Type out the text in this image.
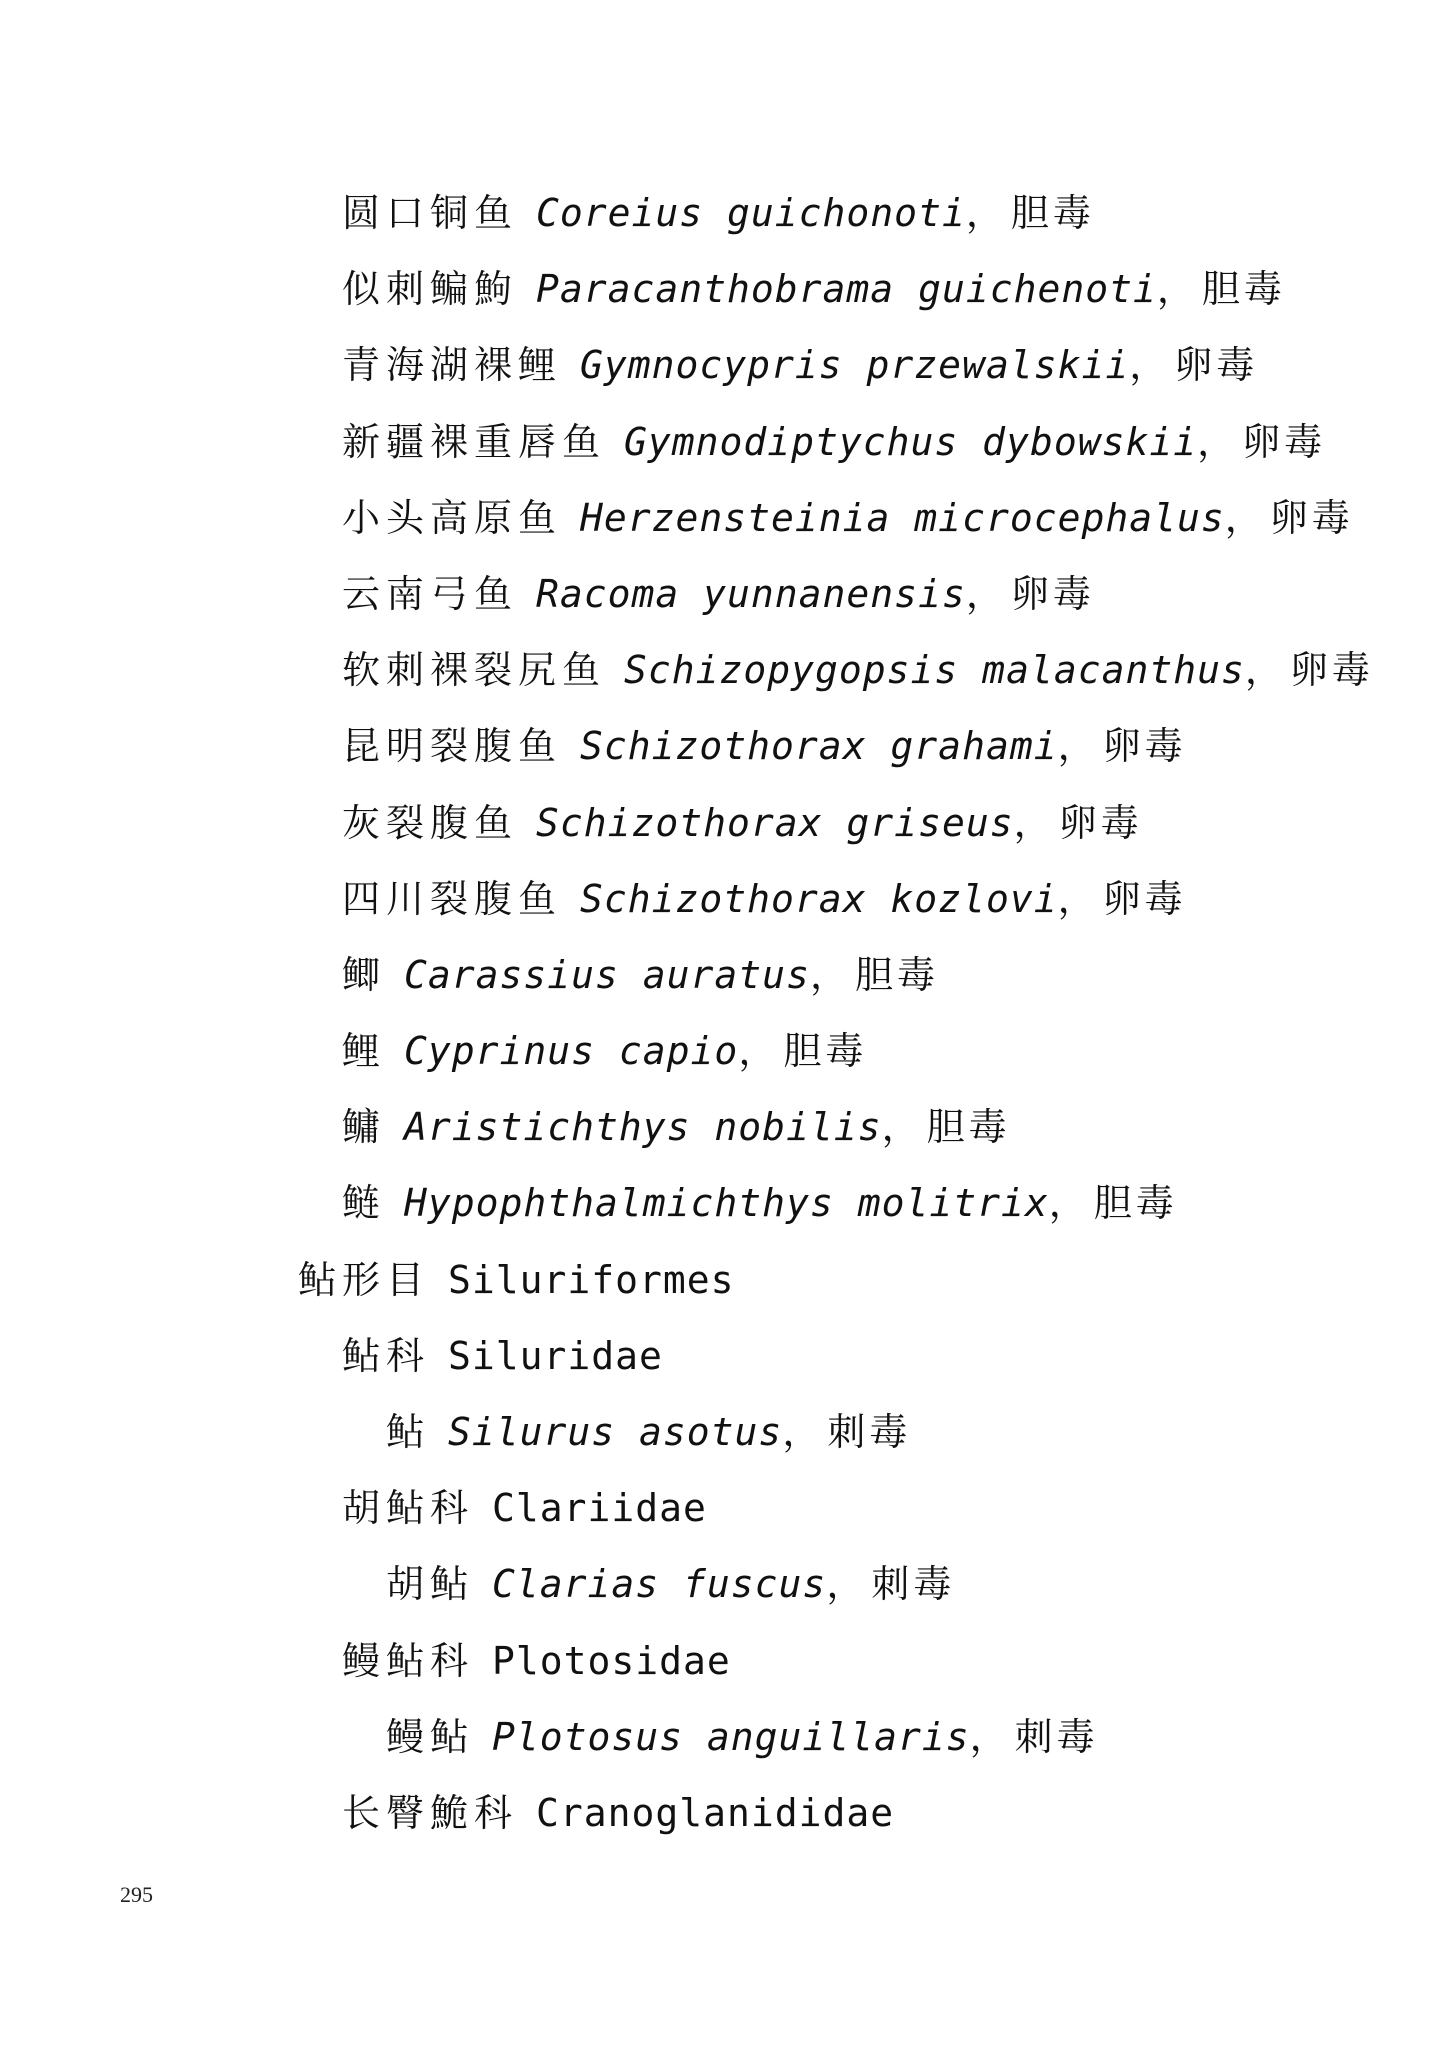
圆口铜鱼 Coreius guichonoti， 胆毒
似刺鳊鮈 Paracanthobrama guichenoti， 胆毒
青海湖裸鲤 Gymnocypris przewalskii， 卵毒
新疆裸重唇鱼 Gymnodiptychus dybowskii， 卵毒
小头高原鱼 Herzensteinia microcephalus， 卵毒
云南弓鱼 Racoma yunnanensis， 卵毒
软刺裸裂尻鱼 Schizopygopsis malacanthus， 卵毒
昆明裂腹鱼 Schizothorax grahami， 卵毒
灰裂腹鱼 Schizothorax griseus， 卵毒
四川裂腹鱼 Schizothorax kozlovi， 卵毒
鲫 Carassius auratus， 胆毒
鲤 Cyprinus capio， 胆毒
鳙 Aristichthys nobilis， 胆毒
鲢 Hypophthalmichthys molitrix， 胆毒
鲇形目 Siluriformes
鲇科 Siluridae
鲇 Silurus asotus， 刺毒
胡鲇科 Clariidae
胡鲇 Clarias fuscus， 刺毒
鳗鲇科 Plotosidae
鳗鲇 Plotosus anguillaris， 刺毒
长臀鮠科 Cranoglanididae
295
